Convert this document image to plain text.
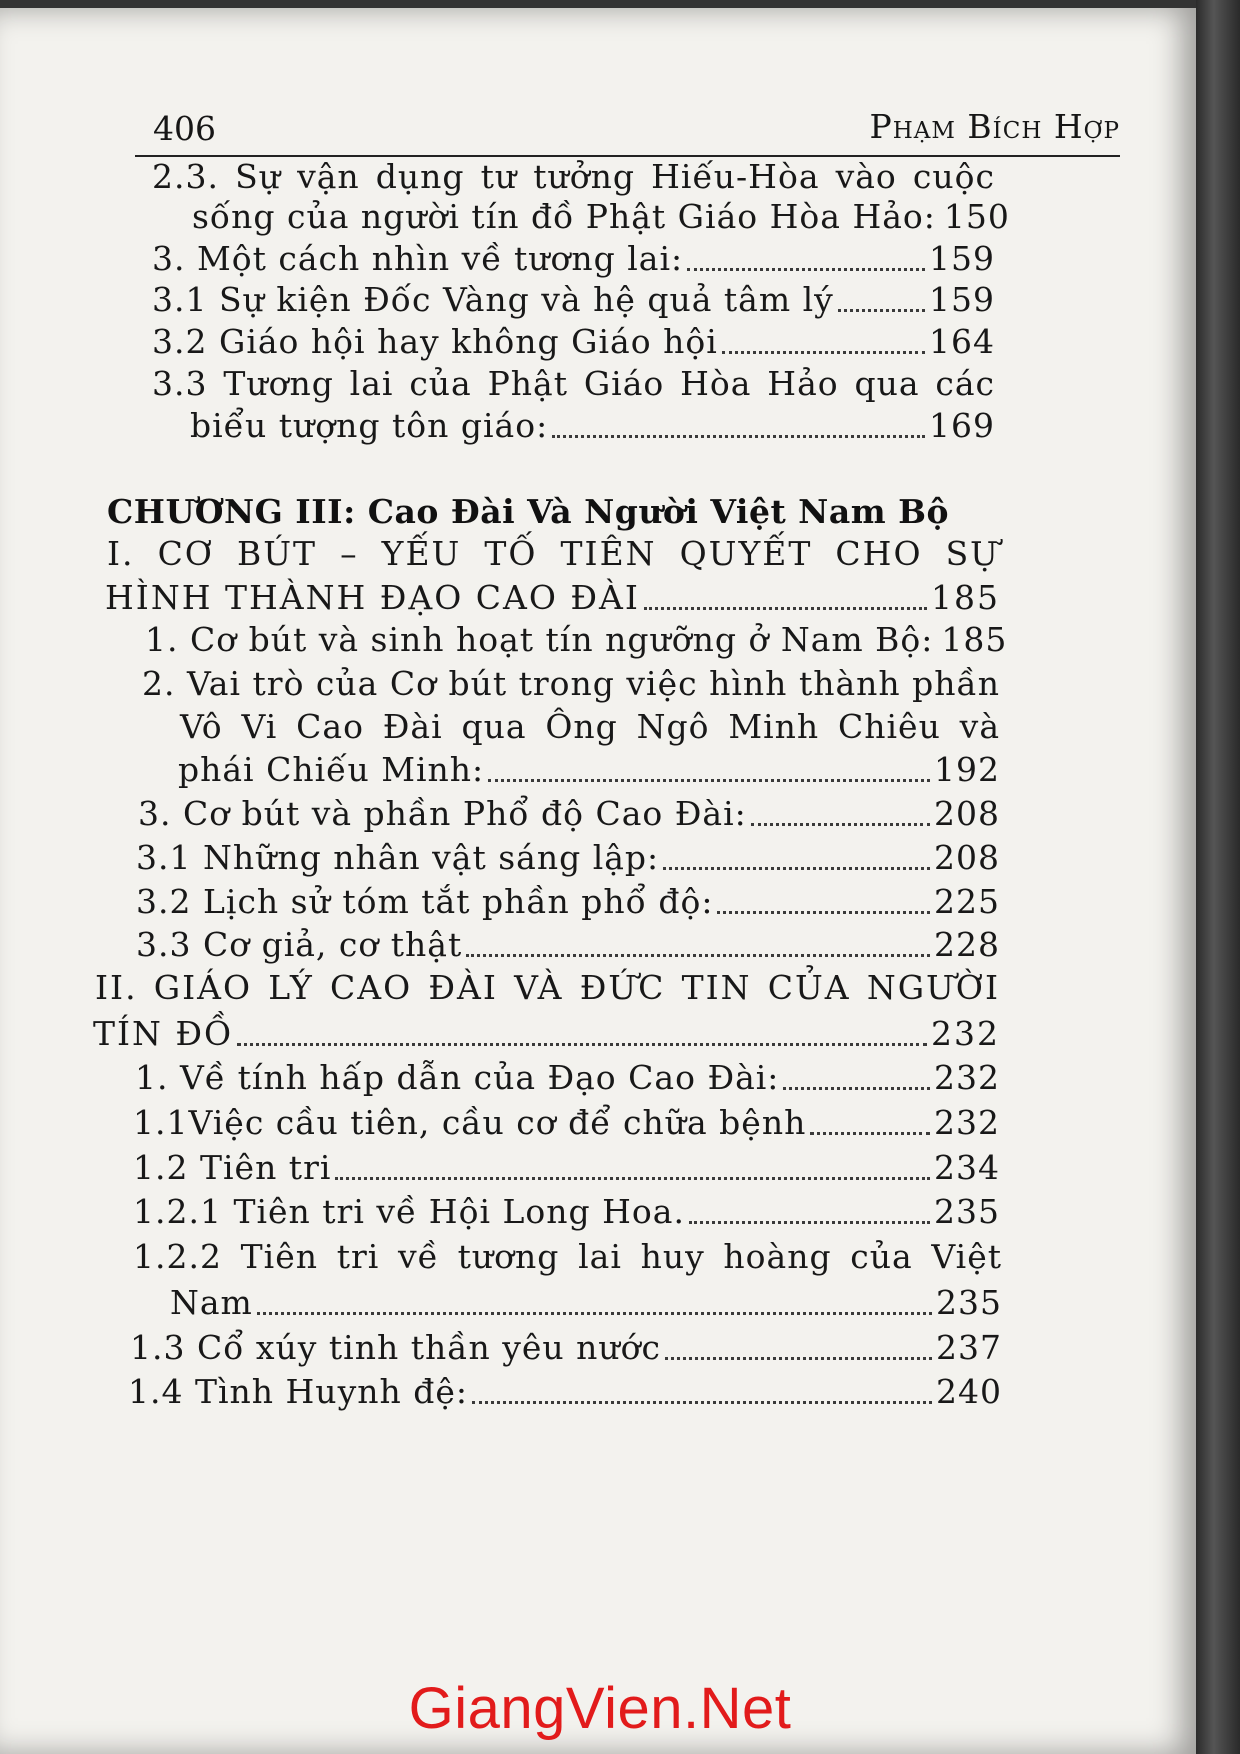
406	Phạm Bích Hợp
2.3. Sự vận dụng tư tưởng Hiếu-Hòa vào cuộc
sống của người tín đồ Phật Giáo Hòa Hảo: 150
3. Một cách nhìn về tương lai:	159
3.1 Sự kiện Đốc Vàng và hệ quả tâm lý	159
3.2 Giáo hội hay không Giáo hội	164
3.3 Tương lai của Phật Giáo Hòa Hảo qua các
biểu tượng tôn giáo:	169
CHƯƠNG III: Cao Đài Và Người Việt Nam Bộ
I. CƠ BÚT – YẾU TỐ TIÊN QUYẾT CHO SỰ
HÌNH THÀNH ĐẠO CAO ĐÀI	185
1. Cơ bút và sinh hoạt tín ngưỡng ở Nam Bộ: 185
2. Vai trò của Cơ bút trong việc hình thành phần
Vô Vi Cao Đài qua Ông Ngô Minh Chiêu và
phái Chiếu Minh:	192
3. Cơ bút và phần Phổ độ Cao Đài:	208
3.1 Những nhân vật sáng lập:	208
3.2 Lịch sử tóm tắt phần phổ độ:	225
3.3 Cơ giả, cơ thật	228
II. GIÁO LÝ CAO ĐÀI VÀ ĐỨC TIN CỦA NGƯỜI
TÍN ĐỒ	232
1. Về tính hấp dẫn của Đạo Cao Đài:	232
1.1Việc cầu tiên, cầu cơ để chữa bệnh	232
1.2 Tiên tri	234
1.2.1 Tiên tri về Hội Long Hoa.	235
1.2.2 Tiên tri về tương lai huy hoàng của Việt
Nam	235
1.3 Cổ xúy tinh thần yêu nước	237
1.4 Tình Huynh đệ:	240
GiangVien.Net
